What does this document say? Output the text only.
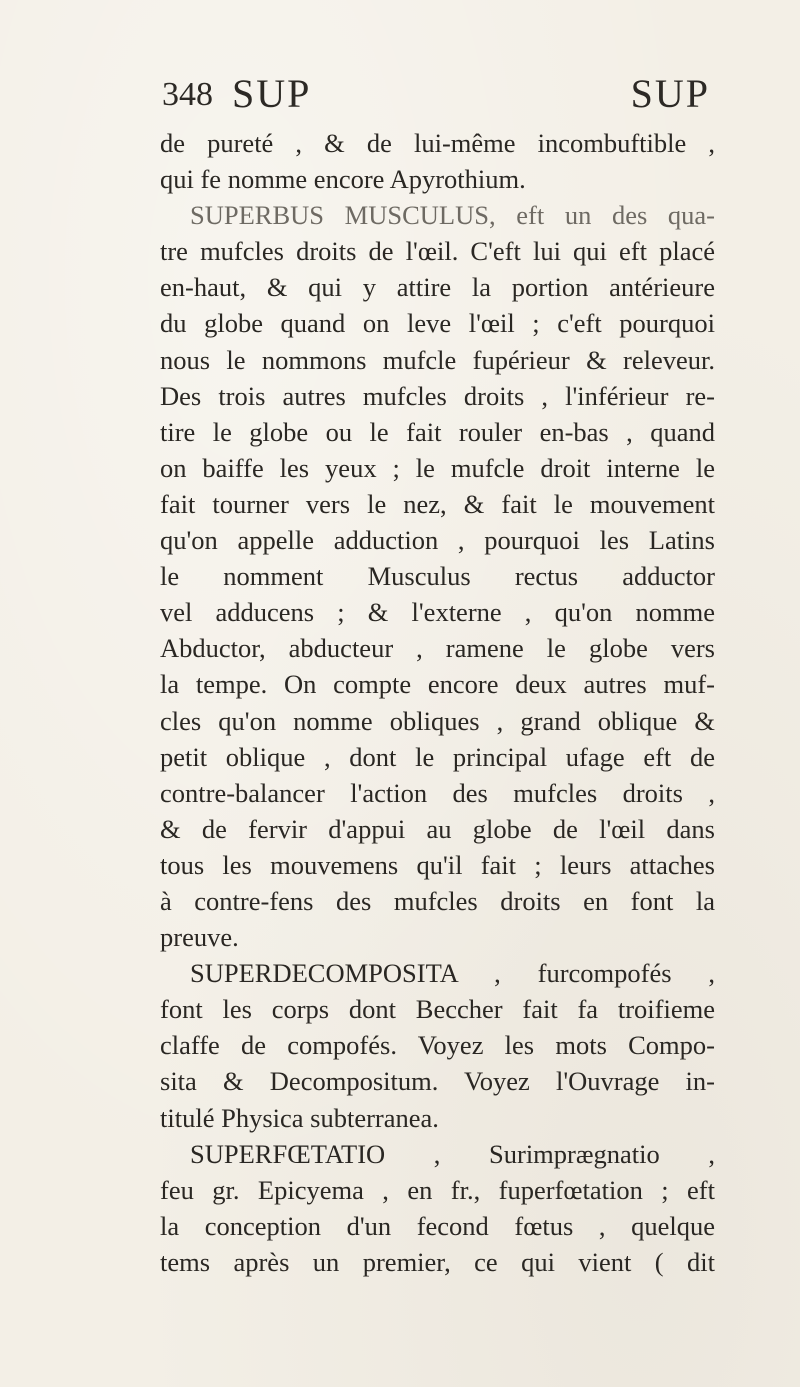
348 SUP	SUP
de pureté , & de lui-même incombuftible ,
qui fe nomme encore Apyrothium.
SUPERBUS MUSCULUS, eft un des qua-
tre mufcles droits de l'œil. C'eft lui qui eft placé
en-haut, & qui y attire la portion antérieure
du globe quand on leve l'œil ; c'eft pourquoi
nous le nommons mufcle fupérieur & releveur.
Des trois autres mufcles droits , l'inférieur re-
tire le globe ou le fait rouler en-bas , quand
on baiffe les yeux ; le mufcle droit interne le
fait tourner vers le nez, & fait le mouvement
qu'on appelle adduction , pourquoi les Latins
le nomment Musculus rectus adductor
vel adducens ; & l'externe , qu'on nomme
Abductor, abducteur , ramene le globe vers
la tempe. On compte encore deux autres muf-
cles qu'on nomme obliques , grand oblique &
petit oblique , dont le principal ufage eft de
contre-balancer l'action des mufcles droits ,
& de fervir d'appui au globe de l'œil dans
tous les mouvemens qu'il fait ; leurs attaches
à contre-fens des mufcles droits en font la
preuve.
SUPERDECOMPOSITA , furcompofés ,
font les corps dont Beccher fait fa troifieme
claffe de compofés. Voyez les mots Compo-
sita & Decompositum. Voyez l'Ouvrage in-
titulé Physica subterranea.
SUPERFŒTATIO , Surimprægnatio ,
feu gr. Epicyema , en fr., fuperfœtation ; eft
la conception d'un fecond fœtus , quelque
tems après un premier, ce qui vient ( dit
